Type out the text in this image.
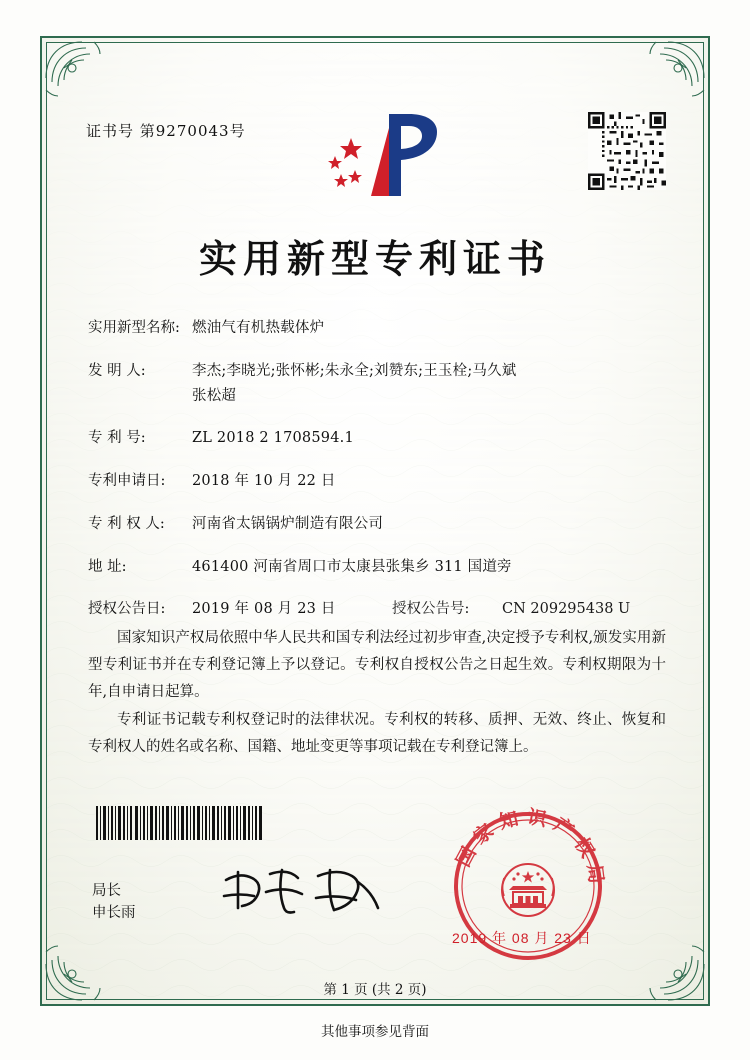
证书号 第9270043号
实用新型专利证书
实用新型名称: 燃油气有机热载体炉
发 明 人:	李杰;李晓光;张怀彬;朱永全;刘赞东;王玉栓;马久斌
张松超
专 利 号:	ZL 2018 2 1708594.1
专利申请日:	2018 年 10 月 22 日
专 利 权 人:	河南省太锅锅炉制造有限公司
地 址:	461400 河南省周口市太康县张集乡 311 国道旁
授权公告日:	2019 年 08 月 23 日	授权公告号:	CN 209295438 U

国家知识产权局依照中华人民共和国专利法经过初步审查,决定授予专利权,颁发实用新型专利证书并在专利登记簿上予以登记。专利权自授权公告之日起生效。专利权期限为十年,自申请日起算。

专利证书记载专利权登记时的法律状况。专利权的转移、质押、无效、终止、恢复和专利权人的姓名或名称、国籍、地址变更等事项记载在专利登记簿上。

国家知识产权局
2019 年 08 月 23 日
局长
申长雨
第 1 页 (共 2 页)
其他事项参见背面
